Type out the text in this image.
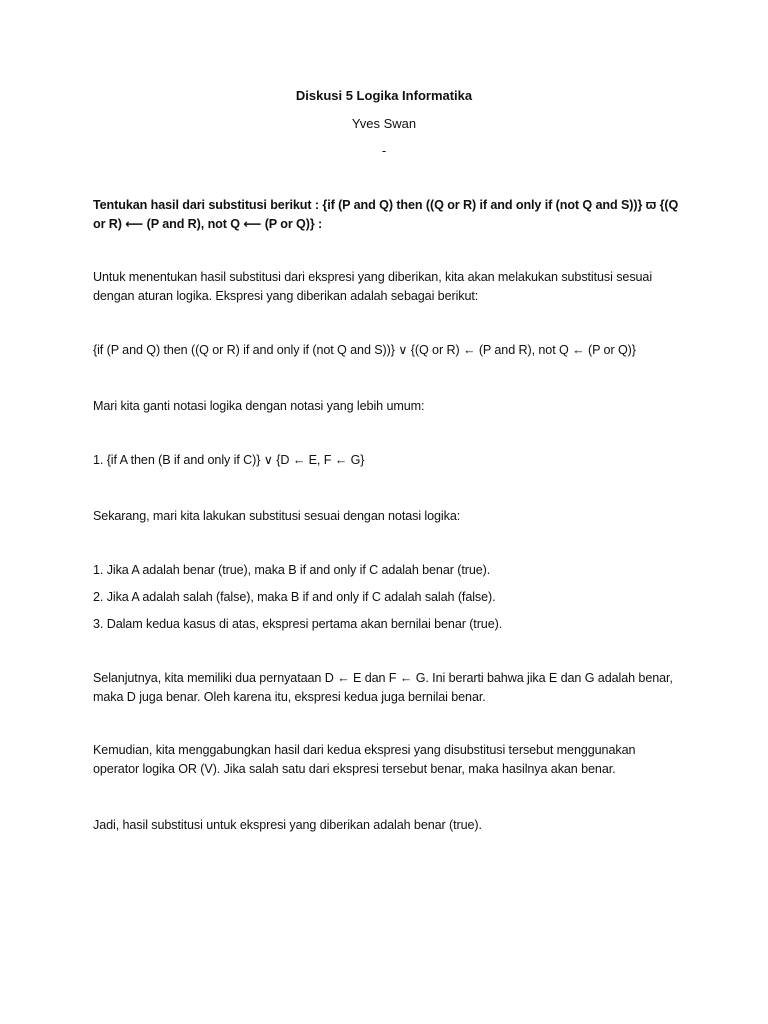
Diskusi 5 Logika Informatika
Yves Swan
-
Tentukan hasil dari substitusi berikut : {if (P and Q) then ((Q or R) if and only if (not Q and S))} ϖ {(Q or R) ⟵ (P and R), not Q ⟵ (P or Q)} :
Untuk menentukan hasil substitusi dari ekspresi yang diberikan, kita akan melakukan substitusi sesuai dengan aturan logika. Ekspresi yang diberikan adalah sebagai berikut:
{if (P and Q) then ((Q or R) if and only if (not Q and S))} ∨ {(Q or R) ← (P and R), not Q ← (P or Q)}
Mari kita ganti notasi logika dengan notasi yang lebih umum:
1. {if A then (B if and only if C)} ∨ {D ← E, F ← G}
Sekarang, mari kita lakukan substitusi sesuai dengan notasi logika:
1. Jika A adalah benar (true), maka B if and only if C adalah benar (true).
2. Jika A adalah salah (false), maka B if and only if C adalah salah (false).
3. Dalam kedua kasus di atas, ekspresi pertama akan bernilai benar (true).
Selanjutnya, kita memiliki dua pernyataan D ← E dan F ← G. Ini berarti bahwa jika E dan G adalah benar, maka D juga benar. Oleh karena itu, ekspresi kedua juga bernilai benar.
Kemudian, kita menggabungkan hasil dari kedua ekspresi yang disubstitusi tersebut menggunakan operator logika OR (V). Jika salah satu dari ekspresi tersebut benar, maka hasilnya akan benar.
Jadi, hasil substitusi untuk ekspresi yang diberikan adalah benar (true).
